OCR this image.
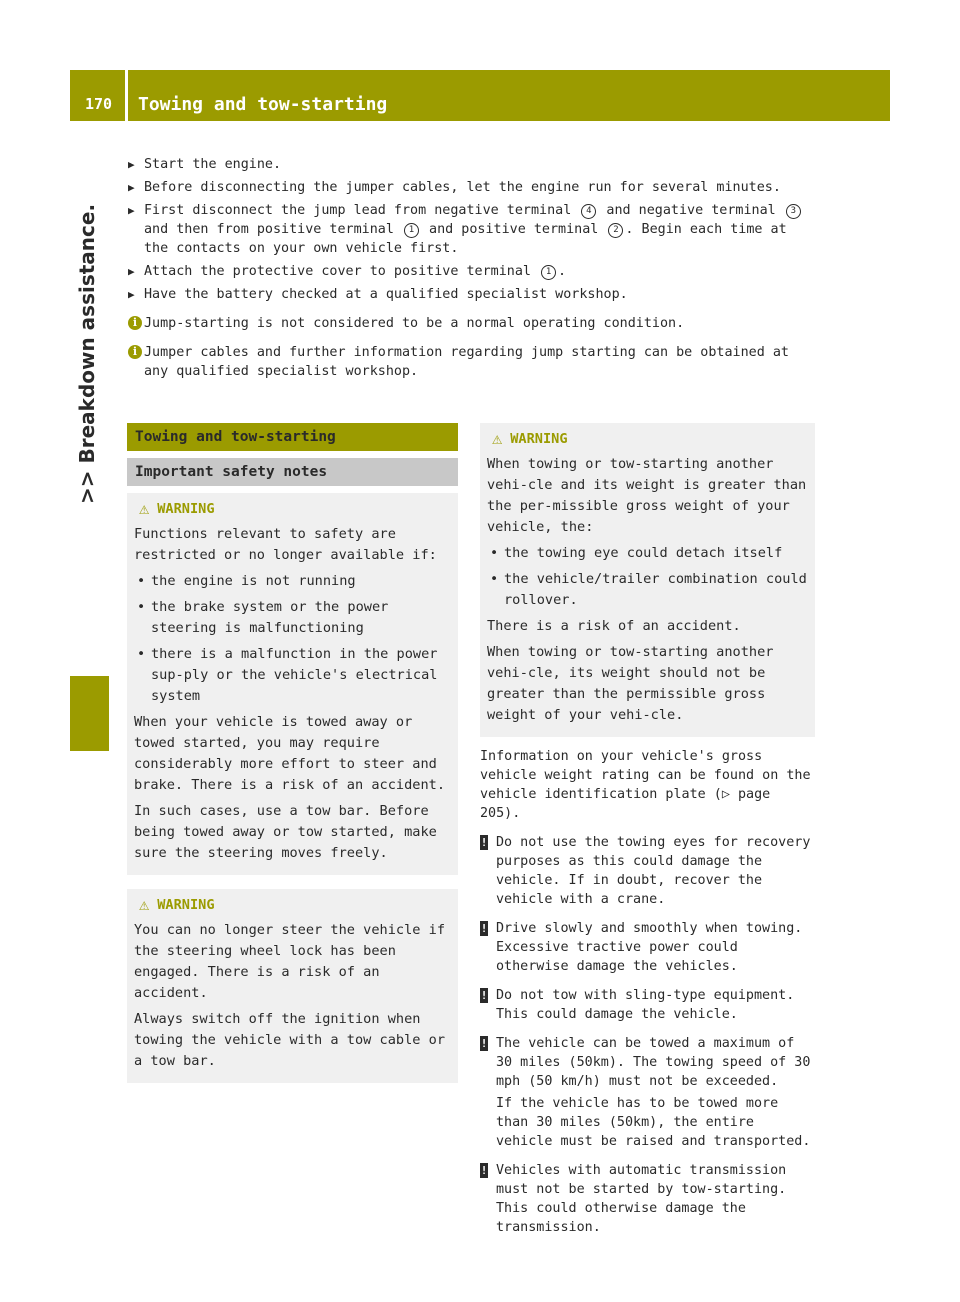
170 Towing and tow-starting
>> Breakdown assistance.
▶ Start the engine.
▶ Before disconnecting the jumper cables, let the engine run for several minutes.
▶ First disconnect the jump lead from negative terminal 4 and negative terminal 3 and then from positive terminal 1 and positive terminal 2 . Begin each time at the contacts on your own vehicle first.
▶ Attach the protective cover to positive terminal 1 .
▶ Have the battery checked at a qualified specialist workshop.
i Jump-starting is not considered to be a normal operating condition.
i Jumper cables and further information regarding jump starting can be obtained at any qualified specialist workshop.
Towing and tow-starting
Important safety notes
⚠ WARNING

Functions relevant to safety are restricted or no longer available if:

• the engine is not running

• the brake system or the power steering is malfunctioning

• there is a malfunction in the power sup-ply or the vehicle's electrical system

When your vehicle is towed away or towed started, you may require considerably more effort to steer and brake. There is a risk of an accident.

In such cases, use a tow bar. Before being towed away or tow started, make sure the steering moves freely.

⚠ WARNING

You can no longer steer the vehicle if the steering wheel lock has been engaged. There is a risk of an accident.

Always switch off the ignition when towing the vehicle with a tow cable or a tow bar.

⚠ WARNING

When towing or tow-starting another vehi-cle and its weight is greater than the per-missible gross weight of your vehicle, the:

• the towing eye could detach itself

• the vehicle/trailer combination could rollover.

There is a risk of an accident.

When towing or tow-starting another vehi-cle, its weight should not be greater than the permissible gross weight of your vehi-cle.

Information on your vehicle's gross vehicle weight rating can be found on the vehicle identification plate (▷ page 205).

! Do not use the towing eyes for recovery purposes as this could damage the vehicle. If in doubt, recover the vehicle with a crane.

! Drive slowly and smoothly when towing. Excessive tractive power could otherwise damage the vehicles.

! Do not tow with sling-type equipment. This could damage the vehicle.

! The vehicle can be towed a maximum of 30 miles (50km). The towing speed of 30 mph (50 km/h) must not be exceeded.

If the vehicle has to be towed more than 30 miles (50km), the entire vehicle must be raised and transported.

! Vehicles with automatic transmission must not be started by tow-starting. This could otherwise damage the transmission.
